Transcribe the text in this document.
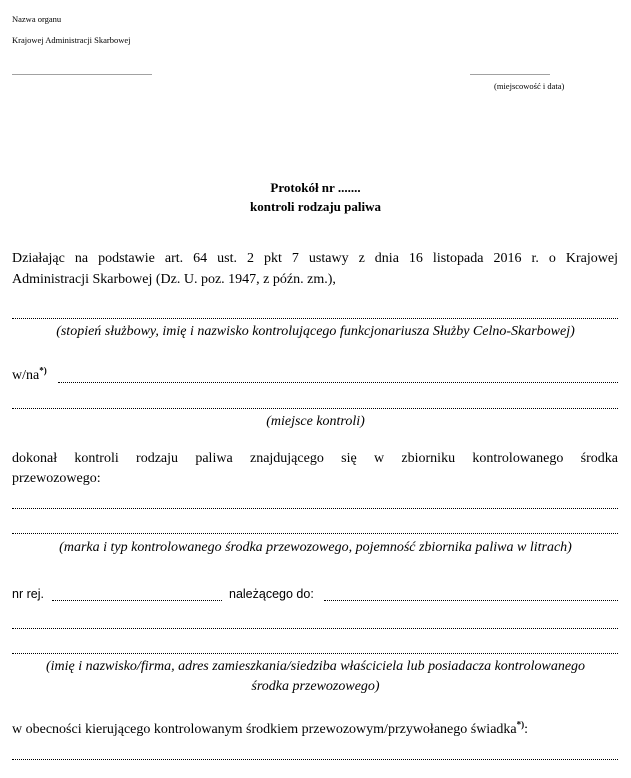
Nazwa organu
Krajowej Administracji Skarbowej
......................................................................	........................................
(miejscowość i data)
Protokół nr .......
kontroli rodzaju paliwa
Działając na podstawie art. 64 ust. 2 pkt 7 ustawy z dnia 16 listopada 2016 r. o Krajowej
Administracji Skarbowej (Dz. U. poz. 1947, z późn. zm.),
(stopień służbowy, imię i nazwisko kontrolującego funkcjonariusza Służby Celno-Skarbowej)
w/na*)
(miejsce kontroli)
dokonał kontroli rodzaju paliwa znajdującego się w zbiorniku kontrolowanego środka
przewozowego:
(marka i typ kontrolowanego środka przewozowego, pojemność zbiornika paliwa w litrach)
nr rej.	należącego do:
(imię i nazwisko/firma, adres zamieszkania/siedziba właściciela lub posiadacza kontrolowanego
środka przewozowego)
w obecności kierującego kontrolowanym środkiem przewozowym/przywołanego świadka*):
